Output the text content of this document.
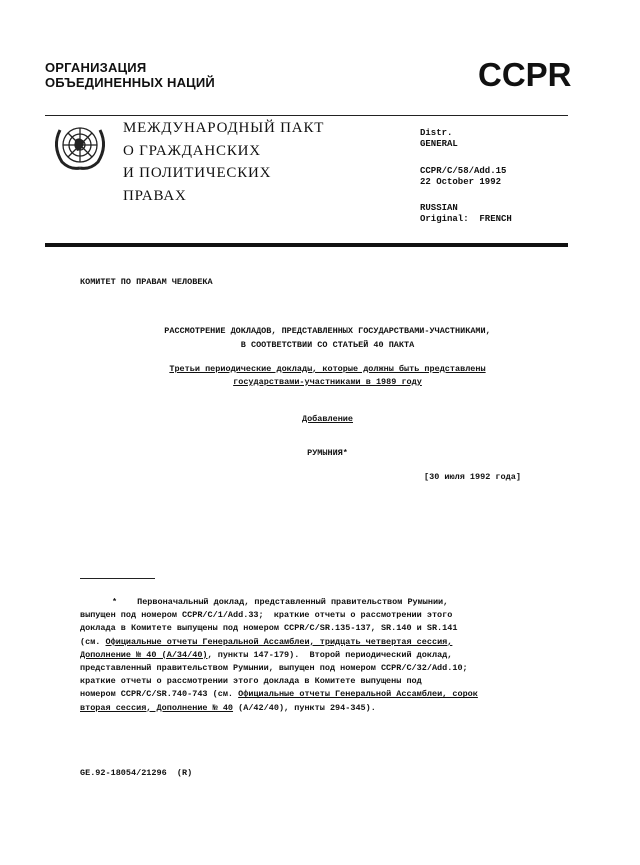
ОРГАНИЗАЦИЯ
ОБЪЕДИНЕННЫХ НАЦИЙ	CCPR
МЕЖДУНАРОДНЫЙ ПАКТ
О ГРАЖДАНСКИХ
И ПОЛИТИЧЕСКИХ
ПРАВАХ
Distr.
GENERAL
CCPR/C/58/Add.15
22 October 1992
RUSSIAN
Original:  FRENCH
КОМИТЕТ ПО ПРАВАМ ЧЕЛОВЕКА
РАССМОТРЕНИЕ ДОКЛАДОВ, ПРЕДСТАВЛЕННЫХ ГОСУДАРСТВАМИ-УЧАСТНИКАМИ,
В СООТВЕТСТВИИ СО СТАТЬЕЙ 40 ПАКТА
Третьи периодические доклады, которые должны быть представлены
государствами-участниками в 1989 году
Добавление
РУМЫНИЯ*
[30 июля 1992 года]
* Первоначальный доклад, представленный правительством Румынии,
выпущен под номером CCPR/C/1/Add.33;  краткие отчеты о рассмотрении этого
доклада в Комитете выпущены под номером CCPR/C/SR.135-137, SR.140 и SR.141
(см. Официальные отчеты Генеральной Ассамблеи, тридцать четвертая сессия,
Дополнение № 40 (A/34/40), пункты 147-179).  Второй периодический доклад,
представленный правительством Румынии, выпущен под номером CCPR/C/32/Add.10;
краткие отчеты о рассмотрении этого доклада в Комитете выпущены под
номером CCPR/C/SR.740-743 (см. Официальные отчеты Генеральной Ассамблеи, сорок
вторая сессия, Дополнение № 40 (A/42/40), пункты 294-345).
GE.92-18054/21296  (R)
